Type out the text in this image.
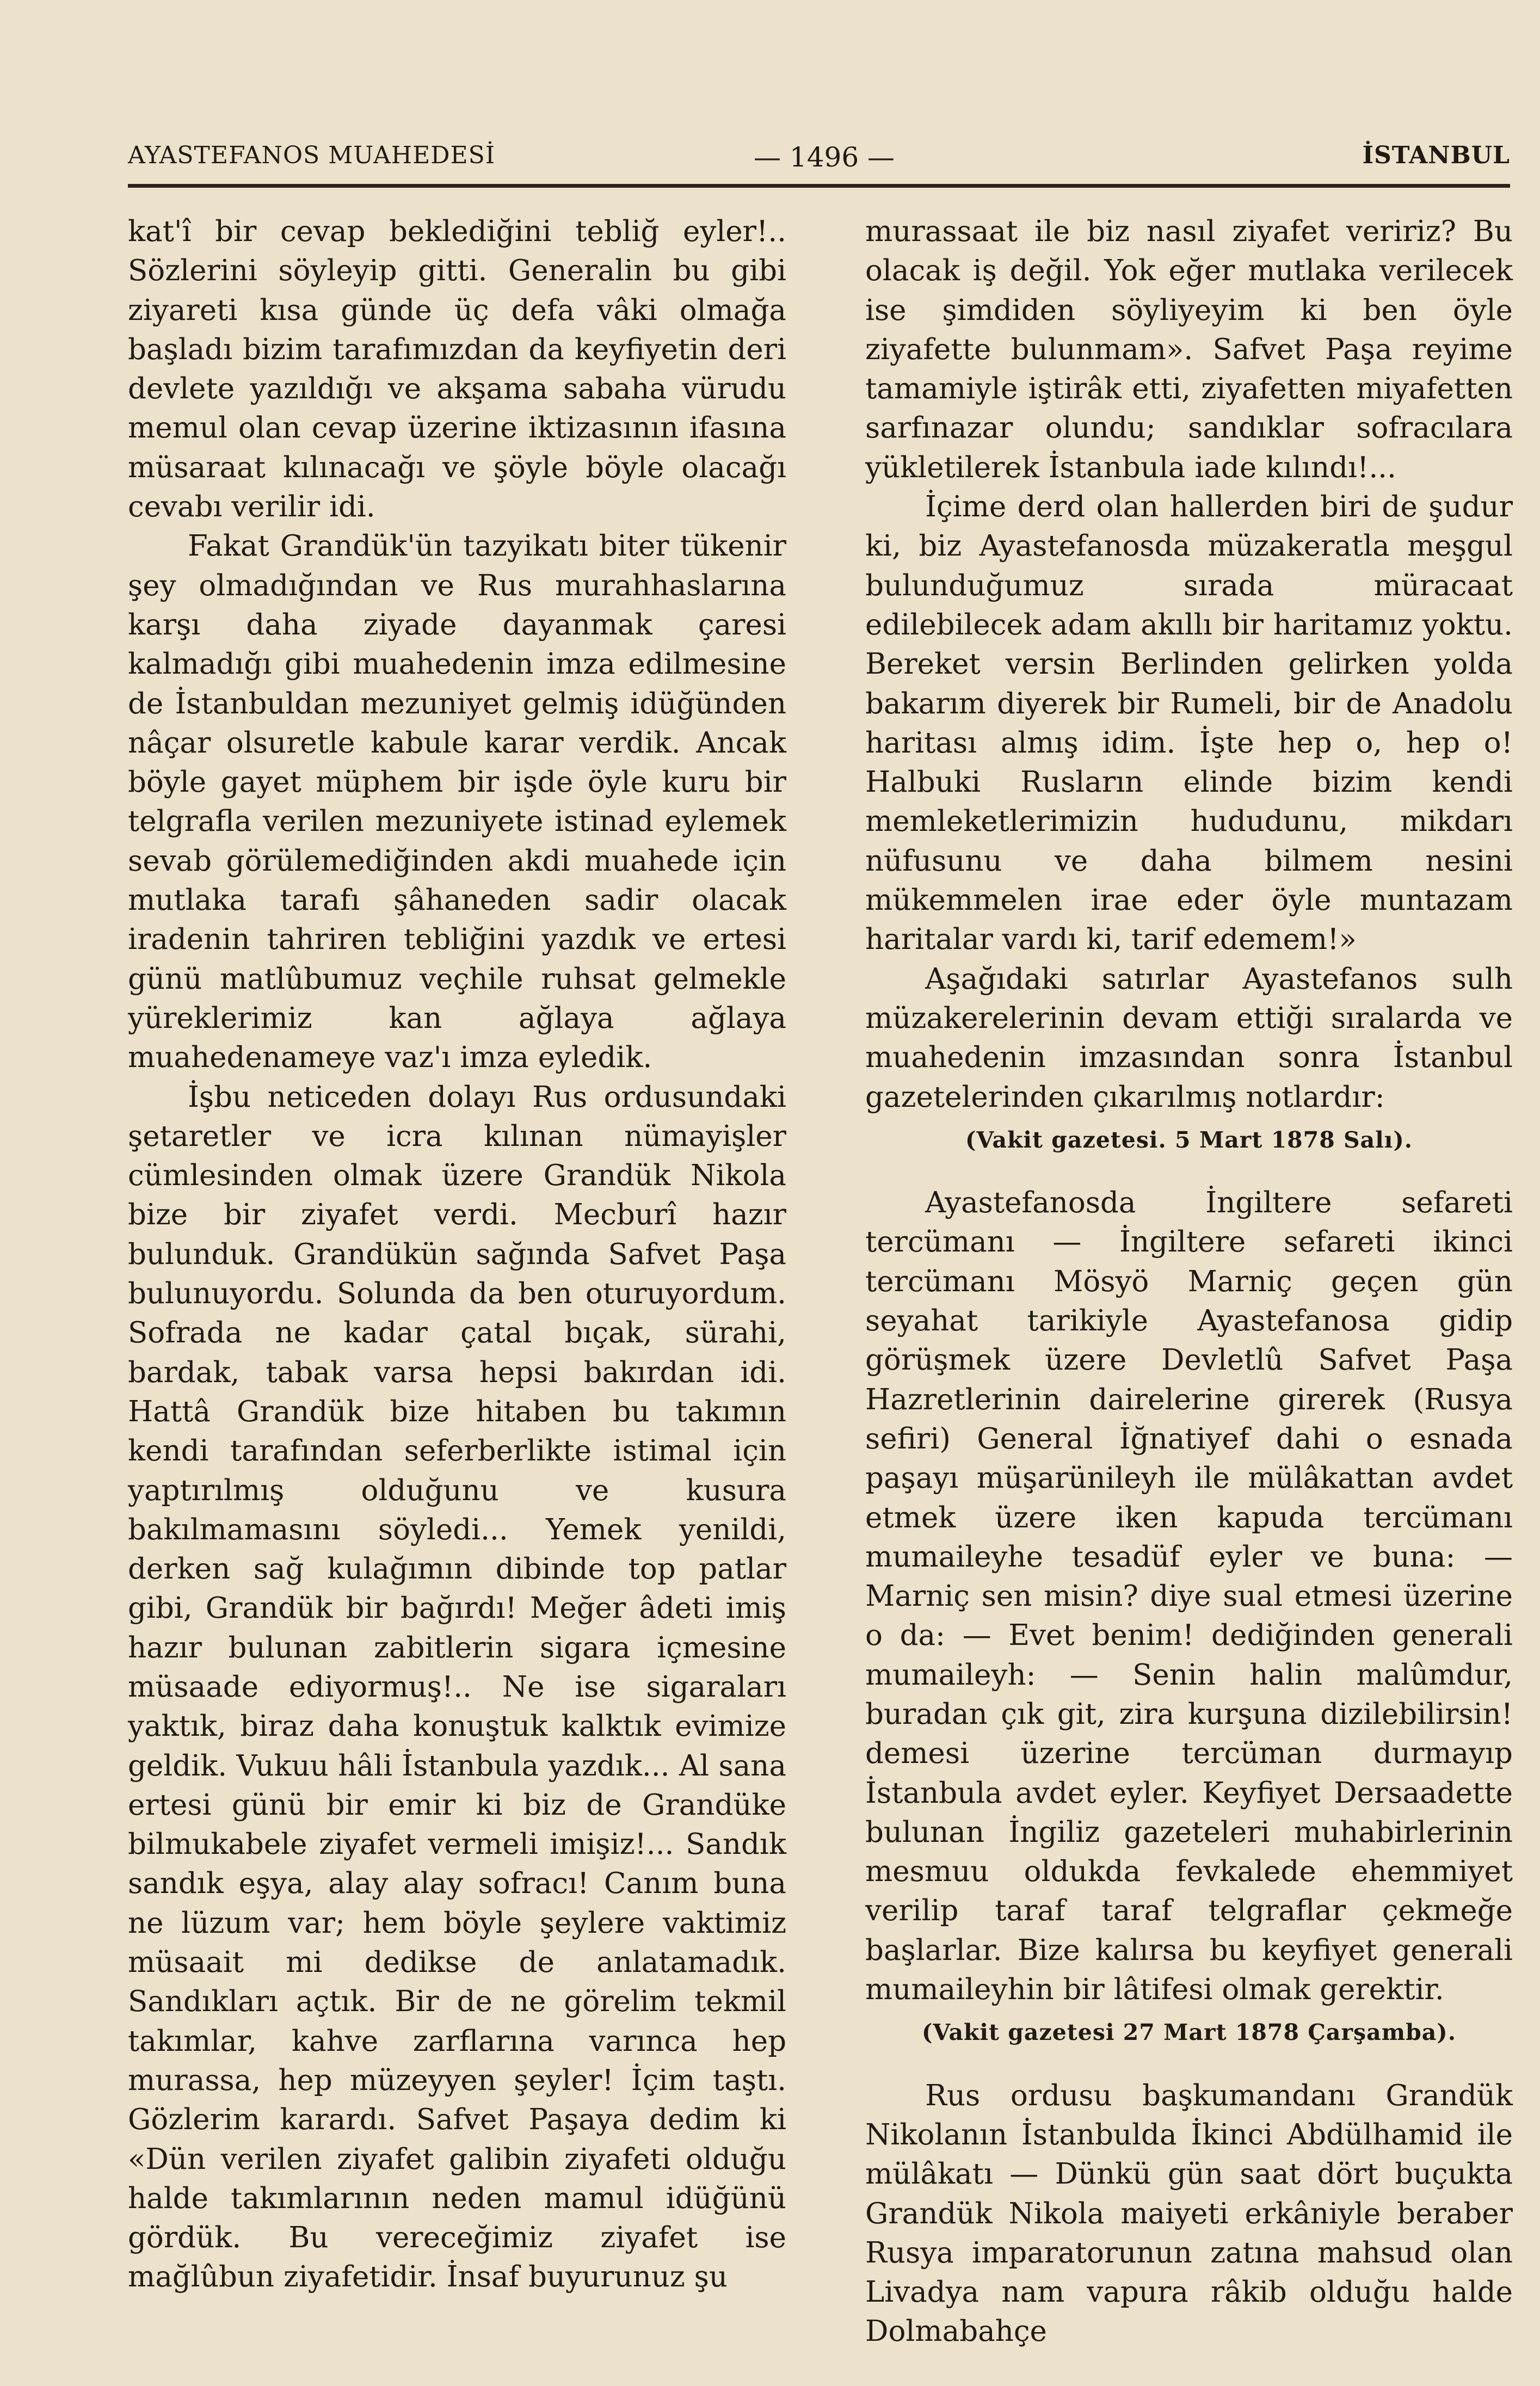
AYASTEFANOS MUAHEDESİ	— 1496 —	İSTANBUL

kat'î bir cevap beklediğini tebliğ eyler!.. Sözlerini söyleyip gitti. Generalin bu gibi ziyareti kısa günde üç defa vâki olmağa başladı bizim tarafımızdan da keyfiyetin deri devlete yazıldığı ve akşama sabaha vürudu memul olan cevap üzerine iktizasının ifasına müsaraat kılınacağı ve şöyle böyle olacağı cevabı verilir idi.

Fakat Grandük'ün tazyikatı biter tükenir şey olmadığından ve Rus murahhaslarına karşı daha ziyade dayanmak çaresi kalmadığı gibi muahedenin imza edilmesine de İstanbuldan mezuniyet gelmiş idüğünden nâçar olsuretle kabule karar verdik. Ancak böyle gayet müphem bir işde öyle kuru bir telgrafla verilen mezuniyete istinad eylemek sevab görülemediğinden akdi muahede için mutlaka tarafı şâhaneden sadir olacak iradenin tahriren tebliğini yazdık ve ertesi günü matlûbumuz veçhile ruhsat gelmekle yüreklerimiz kan ağlaya ağlaya muahedenameye vaz'ı imza eyledik.

İşbu neticeden dolayı Rus ordusundaki şetaretler ve icra kılınan nümayişler cümlesinden olmak üzere Grandük Nikola bize bir ziyafet verdi. Mecburî hazır bulunduk. Grandükün sağında Safvet Paşa bulunuyordu. Solunda da ben oturuyordum. Sofrada ne kadar çatal bıçak, sürahi, bardak, tabak varsa hepsi bakırdan idi. Hattâ Grandük bize hitaben bu takımın kendi tarafından seferberlikte istimal için yaptırılmış olduğunu ve kusura bakılmamasını söyledi... Yemek yenildi, derken sağ kulağımın dibinde top patlar gibi, Grandük bir bağırdı! Meğer âdeti imiş hazır bulunan zabitlerin sigara içmesine müsaade ediyormuş!.. Ne ise sigaraları yaktık, biraz daha konuştuk kalktık evimize geldik. Vukuu hâli İstanbula yazdık... Al sana ertesi günü bir emir ki biz de Grandüke bilmukabele ziyafet vermeli imişiz!... Sandık sandık eşya, alay alay sofracı! Canım buna ne lüzum var; hem böyle şeylere vaktimiz müsaait mi dedikse de anlatamadık. Sandıkları açtık. Bir de ne görelim tekmil takımlar, kahve zarflarına varınca hep murassa, hep müzeyyen şeyler! İçim taştı. Gözlerim karardı. Safvet Paşaya dedim ki «Dün verilen ziyafet galibin ziyafeti olduğu halde takımlarının neden mamul idüğünü gördük. Bu vereceğimiz ziyafet ise mağlûbun ziyafetidir. İnsaf buyurunuz şu

murassaat ile biz nasıl ziyafet veririz? Bu olacak iş değil. Yok eğer mutlaka verilecek ise şimdiden söyliyeyim ki ben öyle ziyafette bulunmam». Safvet Paşa reyime tamamiyle iştirâk etti, ziyafetten miyafetten sarfınazar olundu; sandıklar sofracılara yükletilerek İstanbula iade kılındı!...

İçime derd olan hallerden biri de şudur ki, biz Ayastefanosda müzakeratla meşgul bulunduğumuz sırada müracaat edilebilecek adam akıllı bir haritamız yoktu. Bereket versin Berlinden gelirken yolda bakarım diyerek bir Rumeli, bir de Anadolu haritası almış idim. İşte hep o, hep o! Halbuki Rusların elinde bizim kendi memleketlerimizin hududunu, mikdarı nüfusunu ve daha bilmem nesini mükemmelen irae eder öyle muntazam haritalar vardı ki, tarif edemem!»

Aşağıdaki satırlar Ayastefanos sulh müzakerelerinin devam ettiği sıralarda ve muahedenin imzasından sonra İstanbul gazetelerinden çıkarılmış notlardır:

(Vakit gazetesi. 5 Mart 1878 Salı).

Ayastefanosda İngiltere sefareti tercümanı — İngiltere sefareti ikinci tercümanı Mösyö Marniç geçen gün seyahat tarikiyle Ayastefanosa gidip görüşmek üzere Devletlû Safvet Paşa Hazretlerinin dairelerine girerek (Rusya sefiri) General İğnatiyef dahi o esnada paşayı müşarünileyh ile mülâkattan avdet etmek üzere iken kapuda tercümanı mumaileyhe tesadüf eyler ve buna: — Marniç sen misin? diye sual etmesi üzerine o da: — Evet benim! dediğinden generali mumaileyh: — Senin halin malûmdur, buradan çık git, zira kurşuna dizilebilirsin! demesi üzerine tercüman durmayıp İstanbula avdet eyler. Keyfiyet Dersaadette bulunan İngiliz gazeteleri muhabirlerinin mesmuu oldukda fevkalede ehemmiyet verilip taraf taraf telgraflar çekmeğe başlarlar. Bize kalırsa bu keyfiyet generali mumaileyhin bir lâtifesi olmak gerektir.

(Vakit gazetesi 27 Mart 1878 Çarşamba).

Rus ordusu başkumandanı Grandük Nikolanın İstanbulda İkinci Abdülhamid ile mülâkatı — Dünkü gün saat dört buçukta Grandük Nikola maiyeti erkâniyle beraber Rusya imparatorunun zatına mahsud olan Livadya nam vapura râkib olduğu halde Dolmabahçe
